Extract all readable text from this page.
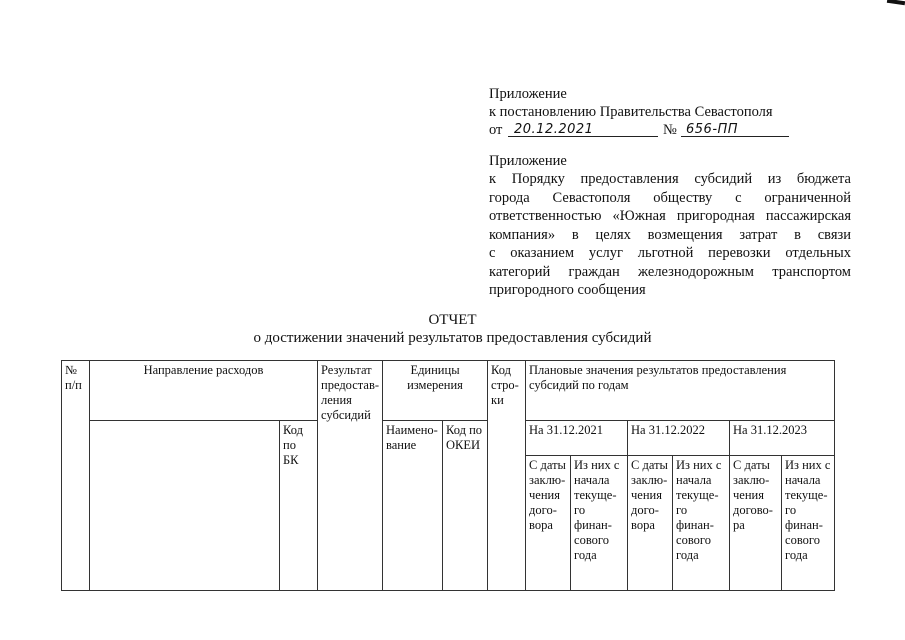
Приложение
к постановлению Правительства Севастополя
от 20.12.2021	№ 656-ПП
Приложение
к Порядку предоставления субсидий из бюджета
города Севастополя обществу с ограниченной
ответственностью «Южная пригородная пассажирская
компания» в целях возмещения затрат в связи
с оказанием услуг льготной перевозки отдельных
категорий граждан железнодорожным транспортом
пригородного сообщения
ОТЧЕТ
о достижении значений результатов предоставления субсидий
№ п/п	Направление расходов		Результат предостав-ления субсидий	Единицы измерения		Код стро-ки	Плановые значения результатов предоставления субсидий по годам					
		Код по БК		Наимено-вание	Код по ОКЕИ		На 31.12.2021		На 31.12.2022		На 31.12.2023	
							С даты заклю-чения дого-вора	Из них с начала текуще-го финан-сового года	С даты заклю-чения дого-вора	Из них с начала текуще-го финан-сового года	С даты заклю-чения догово-ра	Из них с начала текуще-го финан-сового года
